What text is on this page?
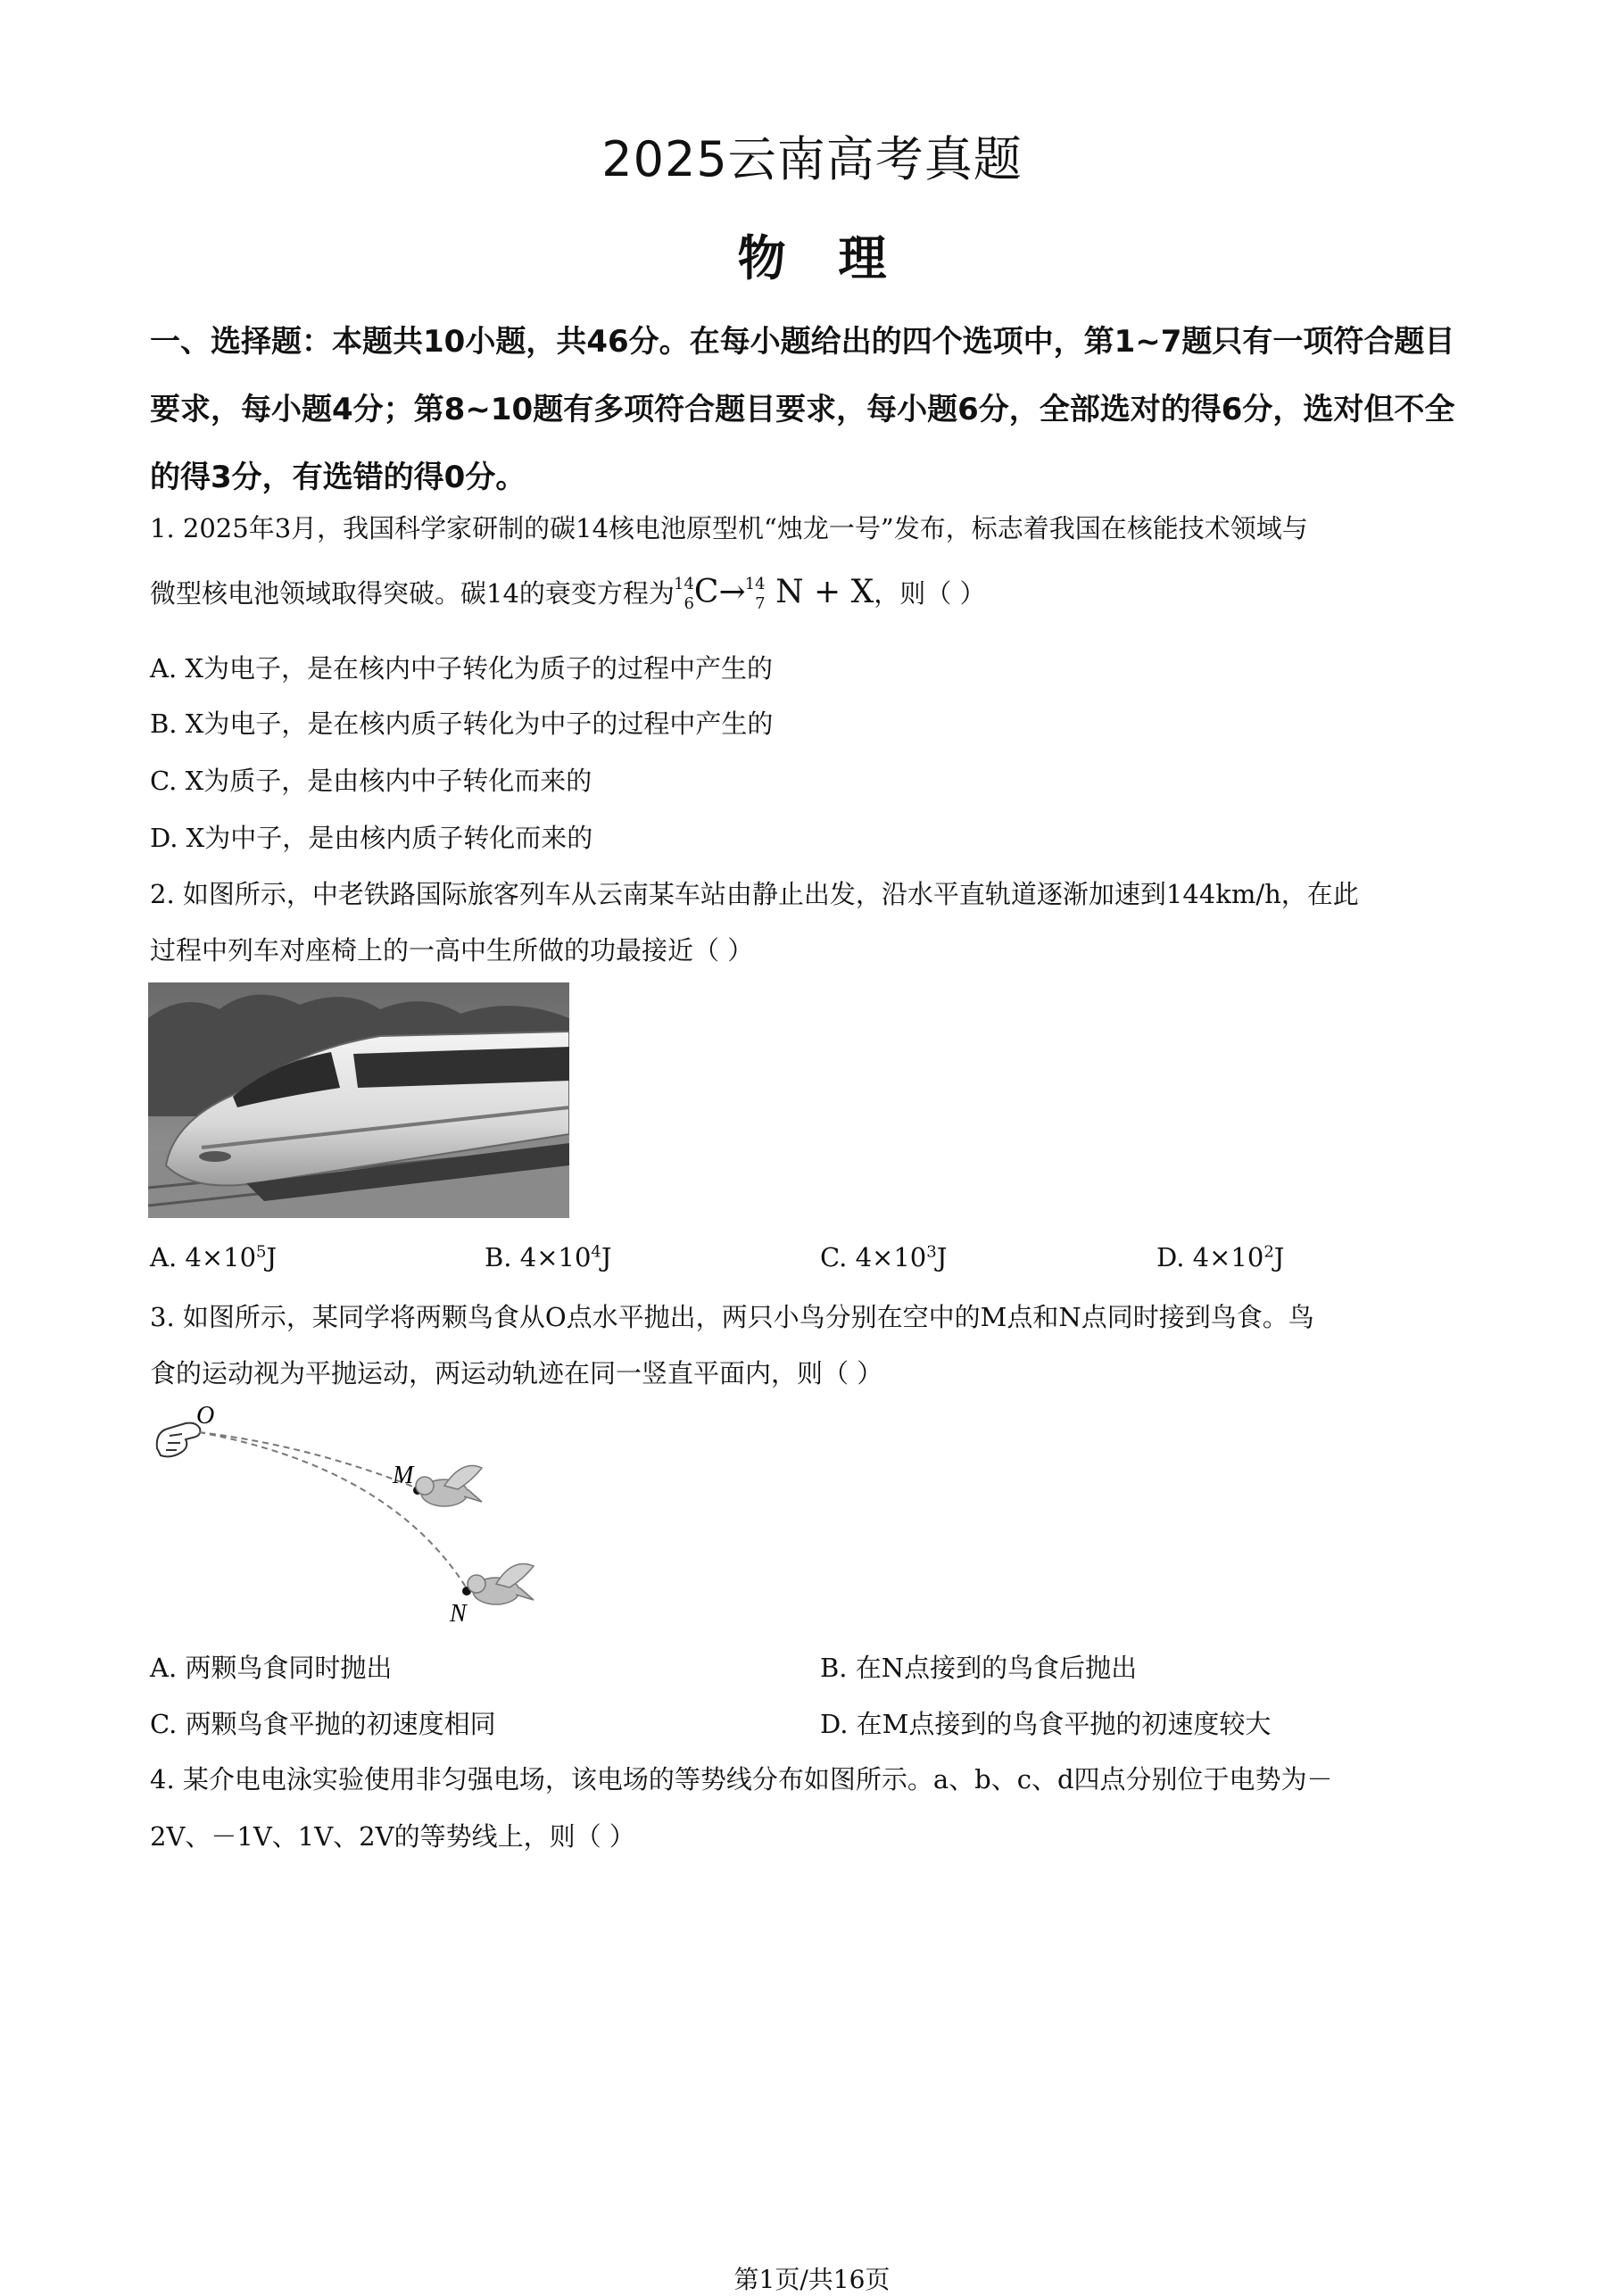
2025云南高考真题
物 理
一、选择题：本题共10小题，共46分。在每小题给出的四个选项中，第1~7题只有一项符合题目要求，每小题4分；第8~10题有多项符合题目要求，每小题6分，全部选对的得6分，选对但不全的得3分，有选错的得0分。
1. 2025年3月，我国科学家研制的碳14核电池原型机“烛龙一号”发布，标志着我国在核能技术领域与
微型核电池领域取得突破。碳14的衰变方程为 14
6 C→ 14
7 N + X，则（ ）
A. X为电子，是在核内中子转化为质子的过程中产生的
B. X为电子，是在核内质子转化为中子的过程中产生的
C. X为质子，是由核内中子转化而来的
D. X为中子，是由核内质子转化而来的
2. 如图所示，中老铁路国际旅客列车从云南某车站由静止出发，沿水平直轨道逐渐加速到144km/h，在此
过程中列车对座椅上的一高中生所做的功最接近（ ）
A. $4\times 10^5J$	B. $4\times 10^4J$	C. $4\times 10^3J$	D. $4\times 10^2J$
3. 如图所示，某同学将两颗鸟食从O点水平抛出，两只小鸟分别在空中的M点和N点同时接到鸟食。鸟
食的运动视为平抛运动，两运动轨迹在同一竖直平面内，则（ ）
O
M
N
A. 两颗鸟食同时抛出	B. 在N点接到的鸟食后抛出
C. 两颗鸟食平抛的初速度相同	D. 在M点接到的鸟食平抛的初速度较大
4. 某介电电泳实验使用非匀强电场，该电场的等势线分布如图所示。a、b、c、d四点分别位于电势为－
2V、－1V、1V、2V的等势线上，则（ ）
第1页/共16页
